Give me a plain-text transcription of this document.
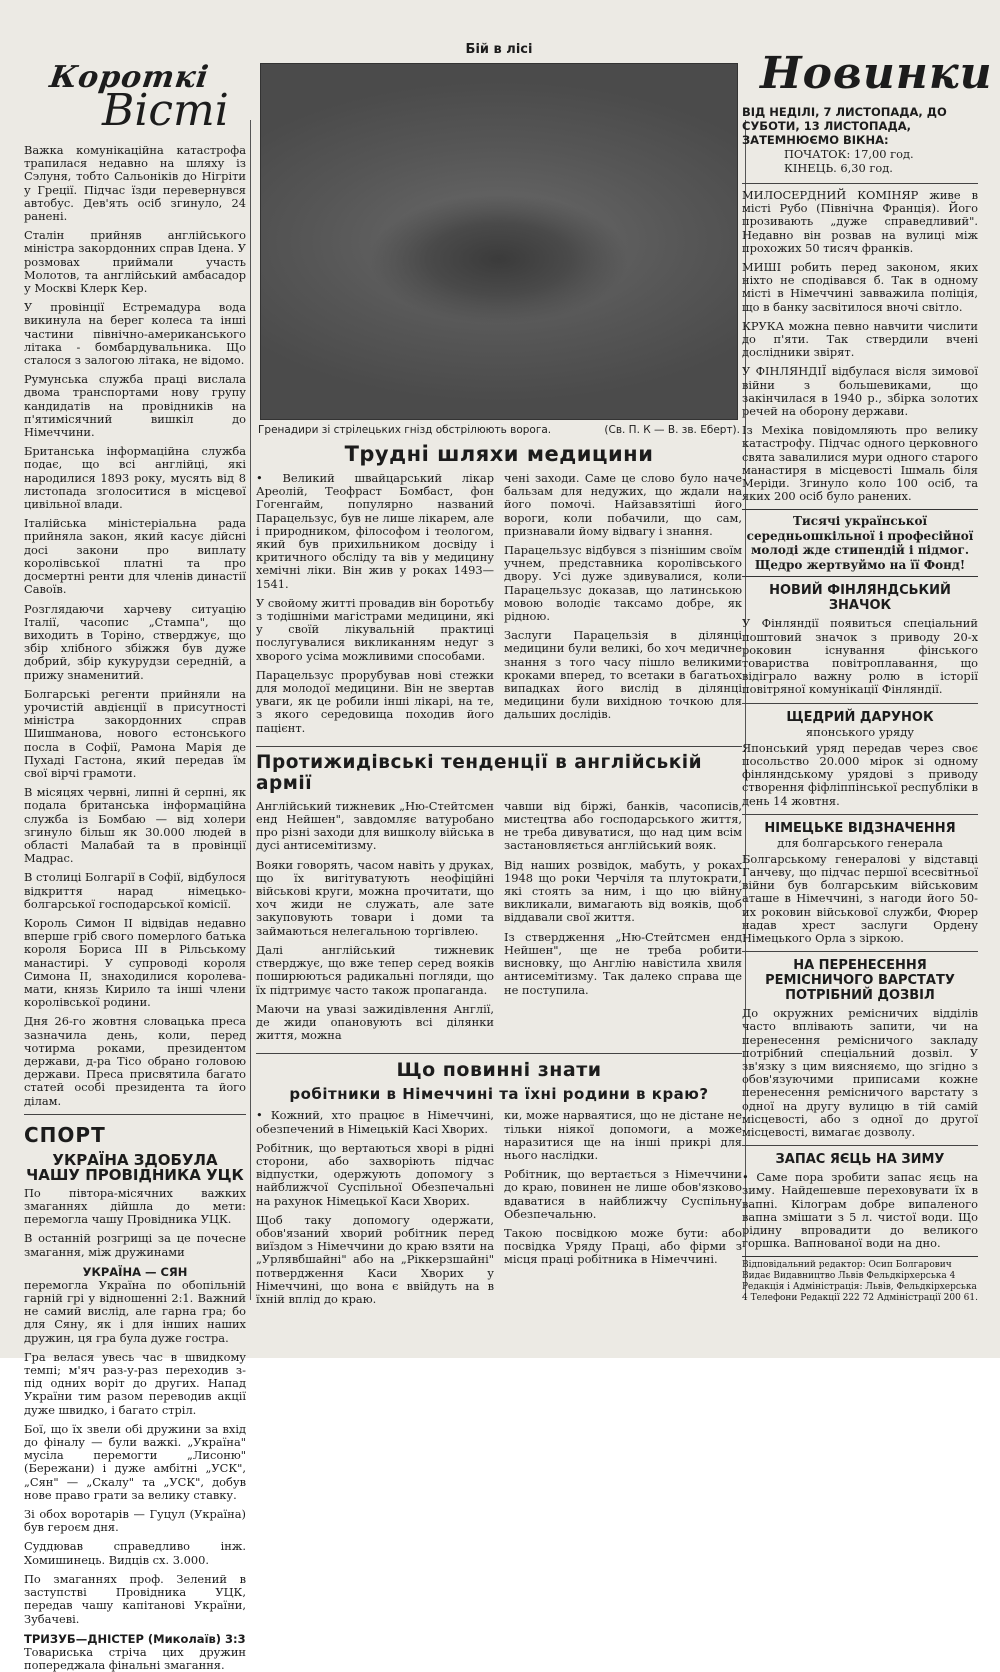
Короткі
Вісті

Важка комунікаційна катастрофа трапилася недавно на шляху із Сэлуня, тобто Сальоніків до Нігріти у Греції. Підчас їзди перевернувся автобус. Дев'ять осіб згинуло, 24 ранені.

Сталін прийняв англійського міністра закордонних справ Ідена. У розмовах приймали участь Молотов, та англійський амбасадор у Москві Клерк Кер.

У провінції Естремадура вода викинула на берег колеса та інші частини північно-американського літака - бомбардувальника. Що сталося з залогою літака, не відомо.

Румунська служба праці вислала двома транспортами нову групу кандидатів на провідників на п'ятимісячний вишкіл до Німеччини.

Британська інформаційна служба подає, що всі англійці, які народилися 1893 року, мусять від 8 листопада зголоситися в місцевої цивільної влади.

Італійська міністеріальна рада прийняла закон, який касує дійсні досі закони про виплату королівської платні та про досмертні ренти для членів династії Савоїв.

Розглядаючи харчеву ситуацію Італії, часопис „Стампа", що виходить в Торіно, стверджує, що збір хлібного збіжжя був дуже добрий, збір кукурудзи середній, а прижу знаменитий.

Болгарські регенти прийняли на урочистій авдієнції в присутності міністра закордонних справ Шишманова, нового естонського посла в Софії, Рамона Марія де Пухаді Гастона, який передав їм свої вірчі грамоти.

В місяцях червні, липні й серпні, як подала британська інформаційна служба із Бомбаю — від холери згинуло більш як 30.000 людей в області Малабай та в провінції Мадрас.

В столиці Болгарії в Софії, відбулося відкриття нарад німецько-болгарської господарської комісії.

Король Симон II відвідав недавно вперше гріб свого померлого батька короля Бориса III в Рільському манастирі. У супроводі короля Симона II, знаходилися королева-мати, князь Кирило та інші члени королівської родини.

Дня 26-го жовтня словацька преса зазначила день, коли, перед чотирма роками, президентом держави, д-ра Тісо обрано головою держави. Преса присвятила багато статей особі президента та його ділам.

СПОРТ
УКРАЇНА ЗДОБУЛА ЧАШУ ПРОВІДНИКА УЦК

По півтора-місячних важких змаганнях дійшла до мети: перемогла чашу Провідника УЦК.

В останній розгрищі за це почесне змагання, між дружинами

УКРАЇНА — СЯН

перемогла Україна по обопільній гарній грі у відношенні 2:1. Важний не самий вислід, але гарна гра; бо для Сяну, як і для інших наших дружин, ця гра була дуже гостра.

Гра велася увесь час в швидкому темпі; м'яч раз-у-раз переходив з-під одних воріт до других. Напад України тим разом переводив акції дуже швидко, і багато стріл.

Бої, що їх звели обі дружини за вхід до фіналу — були важкі. „Україна" мусіла перемогти „Лисоню" (Бережани) і дуже амбітні „УСК", „Сян" — „Скалу" та „УСК", добув нове право грати за велику ставку.

Зі обох воротарів — Гуцул (Україна) був героєм дня.

Суддював справедливо інж. Хомишинець. Видців сх. 3.000.

По змаганнях проф. Зелений в заступстві Провідника УЦК, передав чашу капітанові України, Зубачеві.

ТРИЗУБ—ДНІСТЕР (Миколаїв) 3:3

Товариська стріча цих дружин попереджала фінальні змагання.

Бій в лісі
Гренадири зі стрілецьких гнізд обстрілюють ворога.	(Св. П. К — В. зв. Еберт).
Трудні шляхи медицини

• Великий швайцарський лікар Ареолій, Теофраст Бомбаст, фон Гогенгайм, популярно названий Парацельзус, був не лише лікарем, але і природником, філософом і теологом, який був прихильником досвіду і критичного обсліду та вів у медицину хемічні ліки. Він жив у роках 1493—1541.

У свойому житті провадив він боротьбу з тодішніми магістрами медицини, які у своїй лікувальній практиці послугувалися викликанням недуг з хворого усіма можливими способами.

Парацельзус прорубував нові стежки для молодої медицини. Він не звертав уваги, як це робили інші лікарі, на те, з якого середовища походив його пацієнт.

чені заходи. Саме це слово було наче бальзам для недужих, що ждали на його помочі. Найзавзятіші його вороги, коли побачили, що сам, признавали йому відвагу і знання.

Парацельзус відбувся з пізнішим своїм учнем, представника королівського двору. Усі дуже здивувалися, коли Парацельзус доказав, що латинською мовою володіє таксамо добре, як рідною.

Заслуги Парацельзія в ділянці медицини були великі, бо хоч медичне знання з того часу пішло великими кроками вперед, то всетаки в багатьох випадках його вислід в ділянці медицини були вихідною точкою для дальших дослідів.

Протижидівські тенденції в англійській армії

Англійський тижневик „Ню-Стейтсмен енд Нейшен", завдомляє ватуробано про різні заходи для вишколу війська в дусі антисемітизму.

Вояки говорять, часом навіть у друках, що їх вигітуватують неофіційні військові круги, можна прочитати, що хоч жиди не служать, але зате закуповують товари і доми та займаються нелегальною торгівлею.

Далі англійський тижневик стверджує, що вже тепер серед вояків поширюються радикальні погляди, що їх підтримує часто також пропаганда.

Маючи на увазі зажидівлення Англії, де жиди опановують всі ділянки життя, можна

чавши від біржі, банків, часописів, мистецтва або господарського життя, не треба дивуватися, що над цим всім застановляється англійський вояк.

Від наших розвідок, мабуть, у роках 1948 що роки Черчіля та плутократи, які стоять за ним, і що цю війну викликали, вимагають від вояків, щоб віддавали свої життя.

Із ствердження „Ню-Стейтсмен енд Нейшен", ще не треба робити висновку, що Англію навістила хвиля антисемітизму. Так далеко справа ще не поступила.

Що повинні знати
робітники в Німеччині та їхні родини в краю?

• Кожний, хто працює в Німеччині, обезпечений в Німецькій Касі Хворих.

Робітник, що вертаються хворі в рідні сторони, або захворіють підчас відпустки, одержують допомогу з найближчої Суспільної Обезпечальні на рахунок Німецької Каси Хворих.

Щоб таку допомогу одержати, обов'язаний хворий робітник перед виїздом з Німеччини до краю взяти на „Урлявбшайні" або на „Ріккерзшайні" потвердження Каси Хворих у Німеччині, що вона є ввійдуть на в їхній вплід до краю.

ки, може нарваятися, що не дістане не тільки ніякої допомоги, а може наразитися ще на інші прикрі для нього наслідки.

Робітник, що вертається з Німеччини до краю, повинен не лише обов'язково вдаватися в найближчу Суспільну Обезпечальню.

Такою посвідкою може бути: або посвідка Уряду Праці, або фірми з місця праці робітника в Німеччині.

Новинки
ВІД НЕДІЛІ, 7 ЛИСТОПАДА, ДО СУБОТИ, 13 ЛИСТОПАДА, ЗАТЕМНЮЄМО ВІКНА:
ПОЧАТОК: 17,00 год.
КІНЕЦЬ. 6,30 год.

МИЛОСЕРДНИЙ КОМІНЯР живе в місті Рубо (Північна Франція). Його прозивають „дуже справедливий". Недавно він розвав на вулиці між прохожих 50 тисяч франків.

МИШІ робить перед законом, яких ніхто не сподівався б. Так в одному місті в Німеччині завважила поліція, що в банку засвітилося вночі світло.

КРУКА можна певно навчити числити до п'яти. Так ствердили вчені дослідники звірят.

У ФІНЛЯНДІЇ відбулася вісля зимової війни з большевиками, що закінчилася в 1940 р., збірка золотих речей на оборону держави.

Із Мехіка повідомляють про велику катастрофу. Підчас одного церковного свята завалилися мури одного старого манастиря в місцевості Ішмаль біля Меріди. Згинуло коло 100 осіб, та яких 200 осіб було ранених.

Тисячі української середньошкільної і професійної молоді жде стипендій і підмог. Щедро жертвуймо на її Фонд!
НОВИЙ ФІНЛЯНДСЬКИЙ ЗНАЧОК

У Фінляндії появиться спеціальний поштовий значок з приводу 20-х роковин існування фінського товариства повітроплавання, що відіграло важну ролю в історії повітряної комунікації Фінляндії.

ЩЕДРИЙ ДАРУНОК
японського уряду

Японський уряд передав через своє посольство 20.000 мірок зі одному фінляндському урядові з приводу створення фіфліппінської республіки в день 14 жовтня.

НІМЕЦЬКЕ ВІДЗНАЧЕННЯ
для болгарського генерала

Болгарському генералові у відставці Ганчеву, що підчас першої всесвітньої війни був болгарським військовим аташе в Німеччині, з нагоди його 50-их роковин військової служби, Фюрер надав хрест заслуги Ордену Німецького Орла з зіркою.

НА ПЕРЕНЕСЕННЯ РЕМІСНИЧОГО ВАРСТАТУ ПОТРІБНИЙ ДОЗВІЛ

До окружних ремісничих відділів часто вплівають запити, чи на перенесення ремісничого закладу потрібний спеціальний дозвіл. У зв'язку з цим виясняємо, що згідно з обов'язуючими приписами кожне перенесення ремісничого варстату з одної на другу вулицю в тій самій місцевості, або з одної до другої місцевості, вимагає дозволу.

ЗАПАС ЯЄЦЬ НА ЗИМУ

• Саме пора зробити запас яєць на зиму. Найдешевше переховувати їх в вапні. Кілограм добре випаленого вапна змішати з 5 л. чистої води. Що рідину впровадити до великого горшка. Вапнованої води на дно.

Відповідальний редактор: Осип Болгарович Видає Видавництво Львів Фельдкірхерська 4 Редакція і Адміністрація: Львів, Фельдкірхерська 4 Телефони Редакції 222 72 Адміністрації 200 61.
